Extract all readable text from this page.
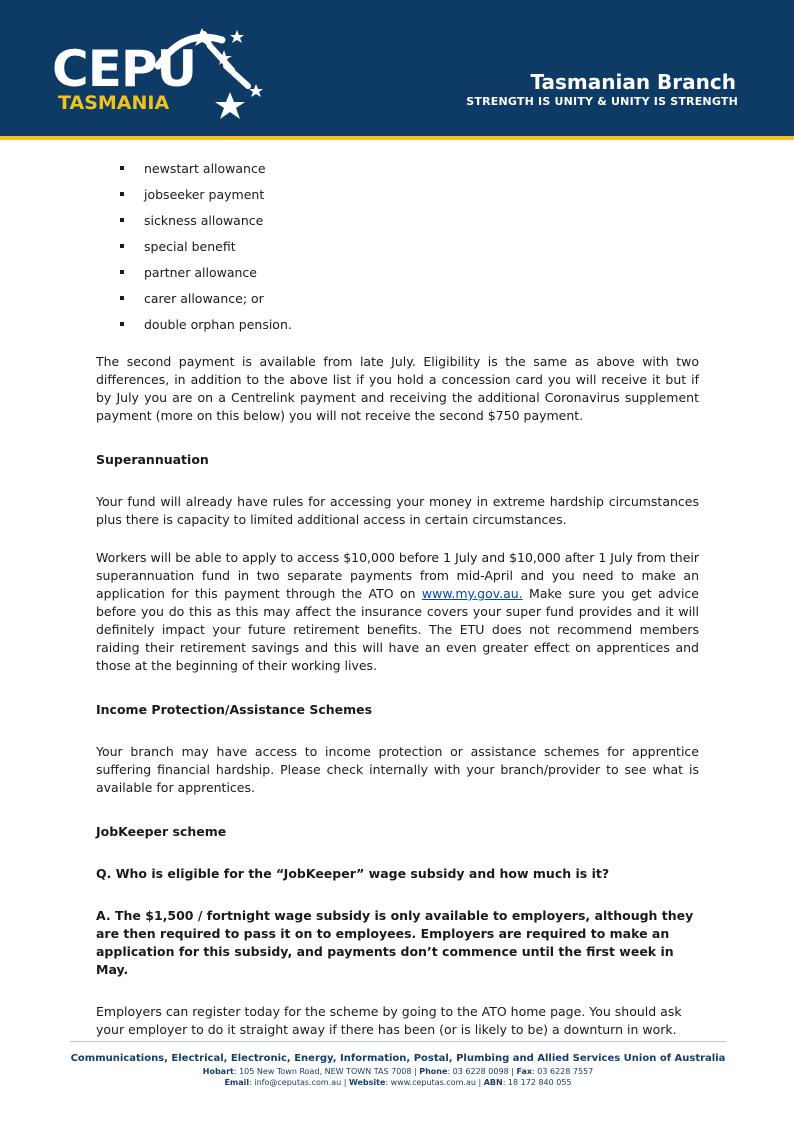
CEPU
TASMANIA
Tasmanian Branch
STRENGTH IS UNITY & UNITY IS STRENGTH
newstart allowance
jobseeker payment
sickness allowance
special benefit
partner allowance
carer allowance; or
double orphan pension.

The second payment is available from late July. Eligibility is the same as above with two differences, in addition to the above list if you hold a concession card you will receive it but if by July you are on a Centrelink payment and receiving the additional Coronavirus supplement payment (more on this below) you will not receive the second $750 payment.

Superannuation

Your fund will already have rules for accessing your money in extreme hardship circumstances plus there is capacity to limited additional access in certain circumstances.

Workers will be able to apply to access $10,000 before 1 July and $10,000 after 1 July from their superannuation fund in two separate payments from mid-April and you need to make an application for this payment through the ATO on www.my.gov.au. Make sure you get advice before you do this as this may affect the insurance covers your super fund provides and it will definitely impact your future retirement benefits. The ETU does not recommend members raiding their retirement savings and this will have an even greater effect on apprentices and those at the beginning of their working lives.

Income Protection/Assistance Schemes

Your branch may have access to income protection or assistance schemes for apprentice suffering financial hardship. Please check internally with your branch/provider to see what is available for apprentices.

JobKeeper scheme

Q. Who is eligible for the “JobKeeper” wage subsidy and how much is it?

A. The $1,500 / fortnight wage subsidy is only available to employers, although they are then required to pass it on to employees. Employers are required to make an application for this subsidy, and payments don’t commence until the first week in May.

Employers can register today for the scheme by going to the ATO home page. You should ask your employer to do it straight away if there has been (or is likely to be) a downturn in work.

Communications, Electrical, Electronic, Energy, Information, Postal, Plumbing and Allied Services Union of Australia
Hobart: 105 New Town Road, NEW TOWN TAS 7008 | Phone: 03 6228 0098 | Fax: 03 6228 7557
Email: info@ceputas.com.au | Website: www.ceputas.com.au | ABN: 18 172 840 055
